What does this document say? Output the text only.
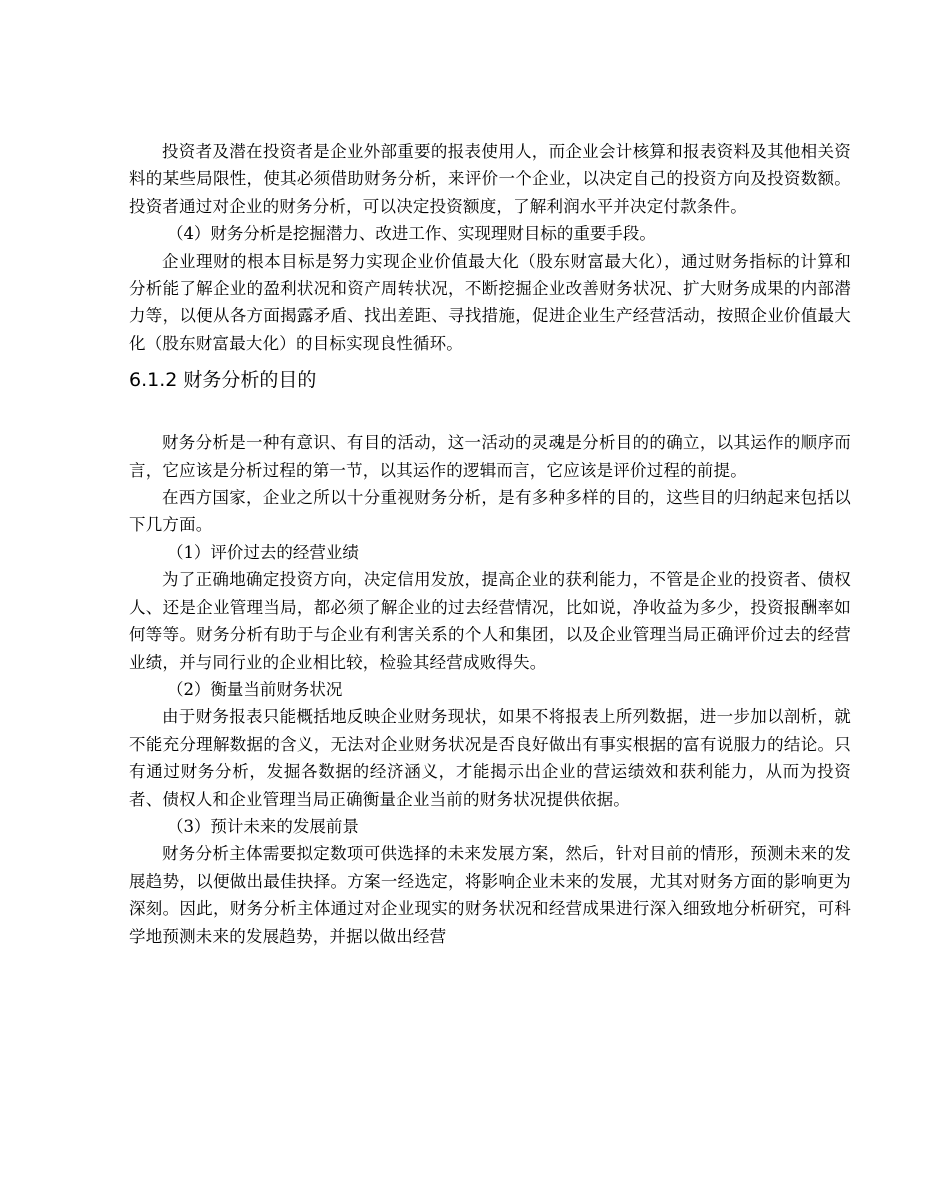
投资者及潜在投资者是企业外部重要的报表使用人，而企业会计核算和报表资料及其他相关资料的某些局限性，使其必须借助财务分析，来评价一个企业，以决定自己的投资方向及投资数额。投资者通过对企业的财务分析，可以决定投资额度，了解利润水平并决定付款条件。

（4）财务分析是挖掘潜力、改进工作、实现理财目标的重要手段。

企业理财的根本目标是努力实现企业价值最大化（股东财富最大化），通过财务指标的计算和分析能了解企业的盈利状况和资产周转状况，不断挖掘企业改善财务状况、扩大财务成果的内部潜力等，以便从各方面揭露矛盾、找出差距、寻找措施，促进企业生产经营活动，按照企业价值最大化（股东财富最大化）的目标实现良性循环。

6.1.2 财务分析的目的

财务分析是一种有意识、有目的活动，这一活动的灵魂是分析目的的确立，以其运作的顺序而言，它应该是分析过程的第一节，以其运作的逻辑而言，它应该是评价过程的前提。

在西方国家，企业之所以十分重视财务分析，是有多种多样的目的，这些目的归纳起来包括以下几方面。

（1）评价过去的经营业绩

为了正确地确定投资方向，决定信用发放，提高企业的获利能力，不管是企业的投资者、债权人、还是企业管理当局，都必须了解企业的过去经营情况，比如说，净收益为多少，投资报酬率如何等等。财务分析有助于与企业有利害关系的个人和集团，以及企业管理当局正确评价过去的经营业绩，并与同行业的企业相比较，检验其经营成败得失。

（2）衡量当前财务状况

由于财务报表只能概括地反映企业财务现状，如果不将报表上所列数据，进一步加以剖析，就不能充分理解数据的含义，无法对企业财务状况是否良好做出有事实根据的富有说服力的结论。只有通过财务分析，发掘各数据的经济涵义，才能揭示出企业的营运绩效和获利能力，从而为投资者、债权人和企业管理当局正确衡量企业当前的财务状况提供依据。

（3）预计未来的发展前景

财务分析主体需要拟定数项可供选择的未来发展方案，然后，针对目前的情形，预测未来的发展趋势，以便做出最佳抉择。方案一经选定，将影响企业未来的发展，尤其对财务方面的影响更为深刻。因此，财务分析主体通过对企业现实的财务状况和经营成果进行深入细致地分析研究，可科学地预测未来的发展趋势，并据以做出经营
